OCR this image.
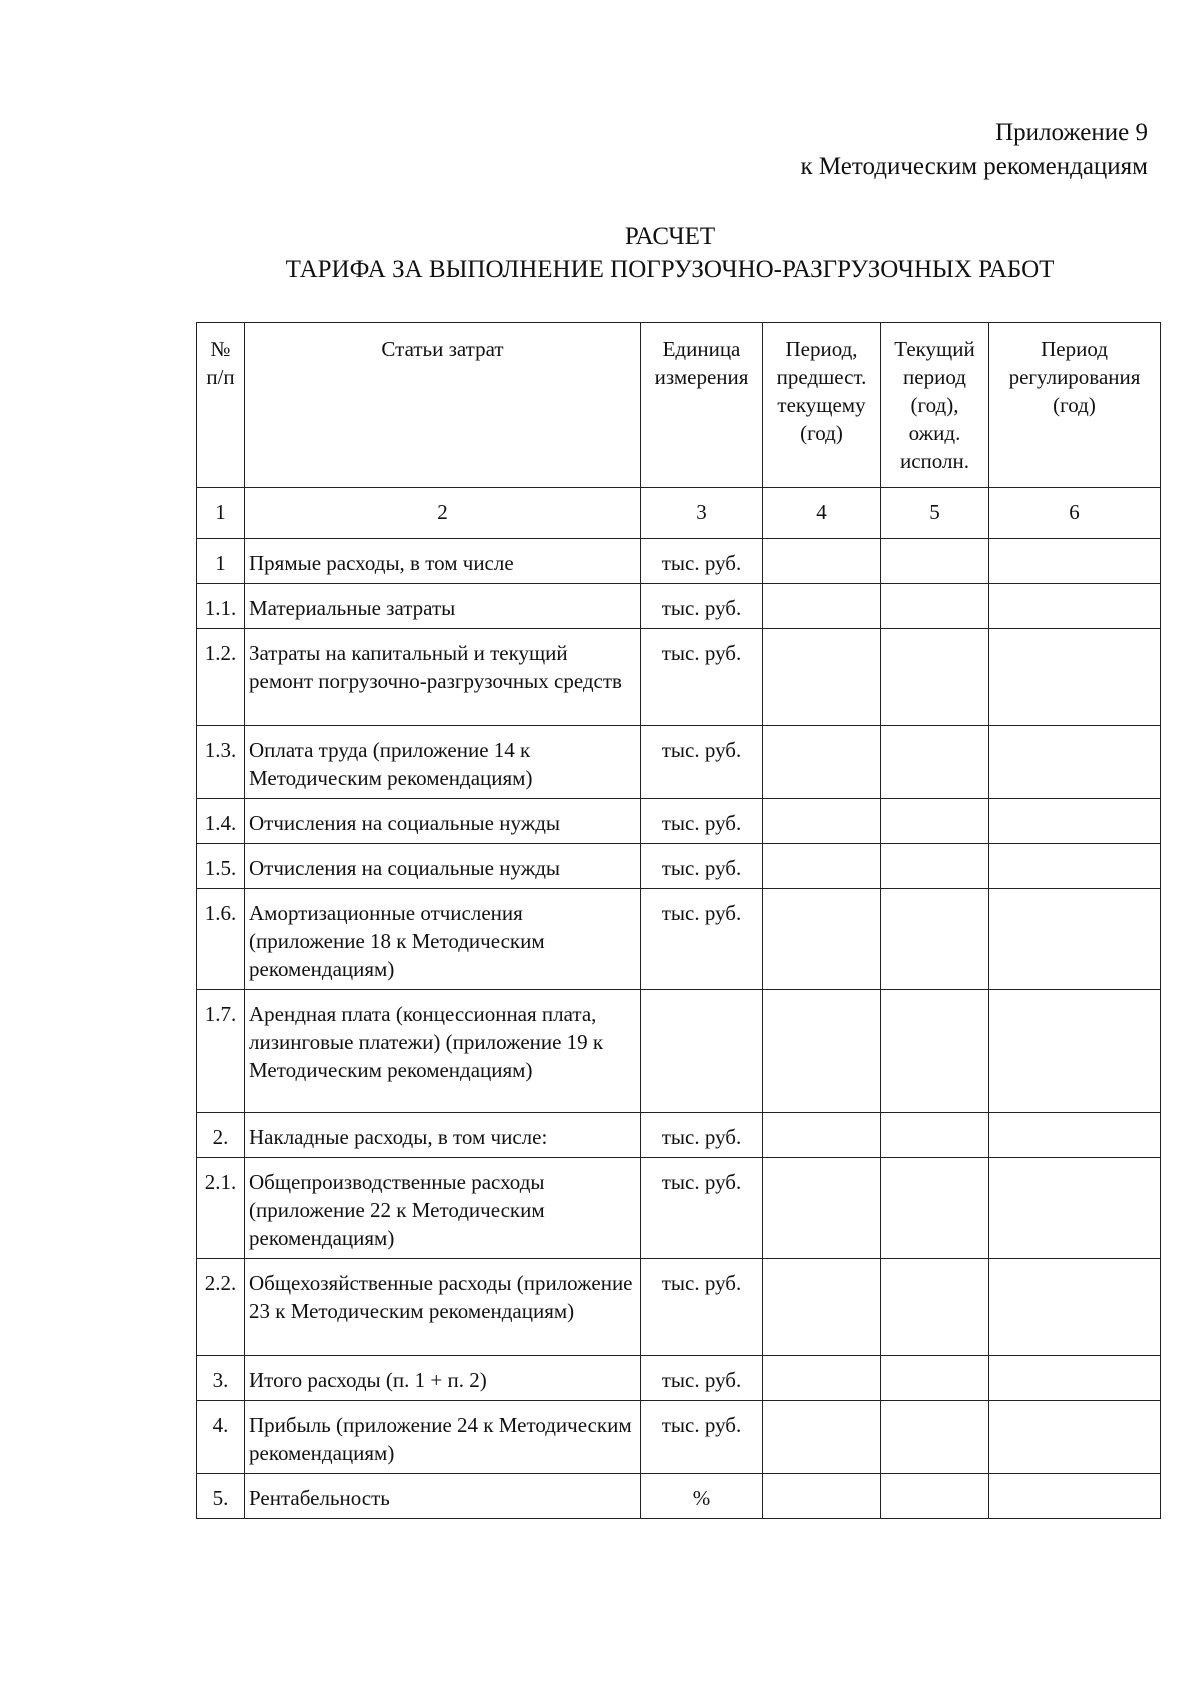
Приложение 9
к Методическим рекомендациям
РАСЧЕТ
ТАРИФА ЗА ВЫПОЛНЕНИЕ ПОГРУЗОЧНО-РАЗГРУЗОЧНЫХ РАБОТ
№ п/п	Статьи затрат	Единица измерения	Период, предшест. текущему (год)	Текущий период (год), ожид. исполн.	Период регулирования (год)
1	2	3	4	5	6
1	Прямые расходы, в том числе	тыс. руб.			
1.1.	Материальные затраты	тыс. руб.			
1.2.	Затраты на капитальный и текущий ремонт погрузочно-разгрузочных средств	тыс. руб.			
1.3.	Оплата труда (приложение 14 к Методическим рекомендациям)	тыс. руб.			
1.4.	Отчисления на социальные нужды	тыс. руб.			
1.5.	Отчисления на социальные нужды	тыс. руб.			
1.6.	Амортизационные отчисления (приложение 18 к Методическим рекомендациям)	тыс. руб.			
1.7.	Арендная плата (концессионная плата, лизинговые платежи) (приложение 19 к Методическим рекомендациям)				
2.	Накладные расходы, в том числе:	тыс. руб.			
2.1.	Общепроизводственные расходы (приложение 22 к Методическим рекомендациям)	тыс. руб.			
2.2.	Общехозяйственные расходы (приложение 23 к Методическим рекомендациям)	тыс. руб.			
3.	Итого расходы (п. 1 + п. 2)	тыс. руб.			
4.	Прибыль (приложение 24 к Методическим рекомендациям)	тыс. руб.			
5.	Рентабельность	%			
